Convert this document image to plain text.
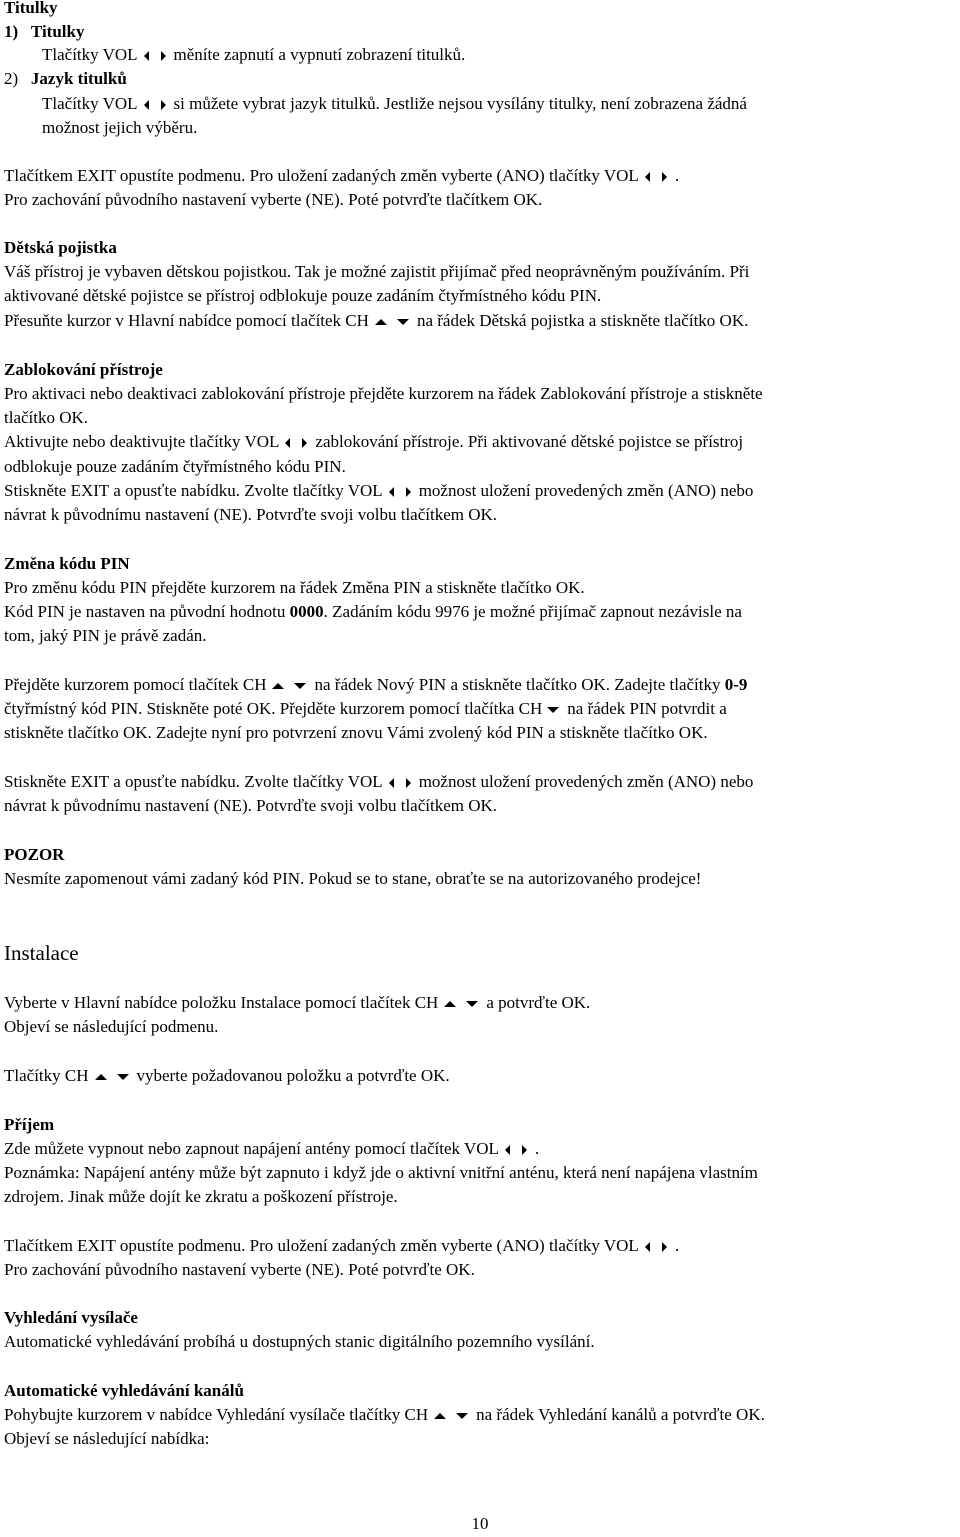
Titulky
1) Titulky
Tlačítky VOL měníte zapnutí a vypnutí zobrazení titulků.
2) Jazyk titulků
Tlačítky VOL si můžete vybrat jazyk titulků. Jestliže nejsou vysílány titulky, není zobrazena žádná
možnost jejich výběru.
Tlačítkem EXIT opustíte podmenu. Pro uložení zadaných změn vyberte (ANO) tlačítky VOL .
Pro zachování původního nastavení vyberte (NE). Poté potvrďte tlačítkem OK.
Dětská pojistka
Váš přístroj je vybaven dětskou pojistkou. Tak je možné zajistit přijímač před neoprávněným používáním. Při
aktivované dětské pojistce se přístroj odblokuje pouze zadáním čtyřmístného kódu PIN.
Přesuňte kurzor v Hlavní nabídce pomocí tlačítek CH	na řádek Dětská pojistka a stiskněte tlačítko OK.
Zablokování přístroje
Pro aktivaci nebo deaktivaci zablokování přístroje přejděte kurzorem na řádek Zablokování přístroje a stiskněte
tlačítko OK.
Aktivujte nebo deaktivujte tlačítky VOL zablokování přístroje. Při aktivované dětské pojistce se přístroj
odblokuje pouze zadáním čtyřmístného kódu PIN.
Stiskněte EXIT a opusťte nabídku. Zvolte tlačítky VOL možnost uložení provedených změn (ANO) nebo
návrat k původnímu nastavení (NE). Potvrďte svoji volbu tlačítkem OK.
Změna kódu PIN
Pro změnu kódu PIN přejděte kurzorem na řádek Změna PIN a stiskněte tlačítko OK.
Kód PIN je nastaven na původní hodnotu 0000. Zadáním kódu 9976 je možné přijímač zapnout nezávisle na
tom, jaký PIN je právě zadán.
Přejděte kurzorem pomocí tlačítek CH	na řádek Nový PIN a stiskněte tlačítko OK. Zadejte tlačítky 0-9
čtyřmístný kód PIN. Stiskněte poté OK. Přejděte kurzorem pomocí tlačítka CH na řádek PIN potvrdit a
stiskněte tlačítko OK. Zadejte nyní pro potvrzení znovu Vámi zvolený kód PIN a stiskněte tlačítko OK.
Stiskněte EXIT a opusťte nabídku. Zvolte tlačítky VOL možnost uložení provedených změn (ANO) nebo
návrat k původnímu nastavení (NE). Potvrďte svoji volbu tlačítkem OK.
POZOR
Nesmíte zapomenout vámi zadaný kód PIN. Pokud se to stane, obraťte se na autorizovaného prodejce!
Instalace
Vyberte v Hlavní nabídce položku Instalace pomocí tlačítek CH	a potvrďte OK.
Objeví se následující podmenu.
Tlačítky CH	vyberte požadovanou položku a potvrďte OK.
Příjem
Zde můžete vypnout nebo zapnout napájení antény pomocí tlačítek VOL .
Poznámka: Napájení antény může být zapnuto i když jde o aktivní vnitřní anténu, která není napájena vlastním
zdrojem. Jinak může dojít ke zkratu a poškození přístroje.
Tlačítkem EXIT opustíte podmenu. Pro uložení zadaných změn vyberte (ANO) tlačítky VOL .
Pro zachování původního nastavení vyberte (NE). Poté potvrďte OK.
Vyhledání vysílače
Automatické vyhledávání probíhá u dostupných stanic digitálního pozemního vysílání.
Automatické vyhledávání kanálů
Pohybujte kurzorem v nabídce Vyhledání vysílače tlačítky CH	na řádek Vyhledání kanálů a potvrďte OK.
Objeví se následující nabídka:
10
